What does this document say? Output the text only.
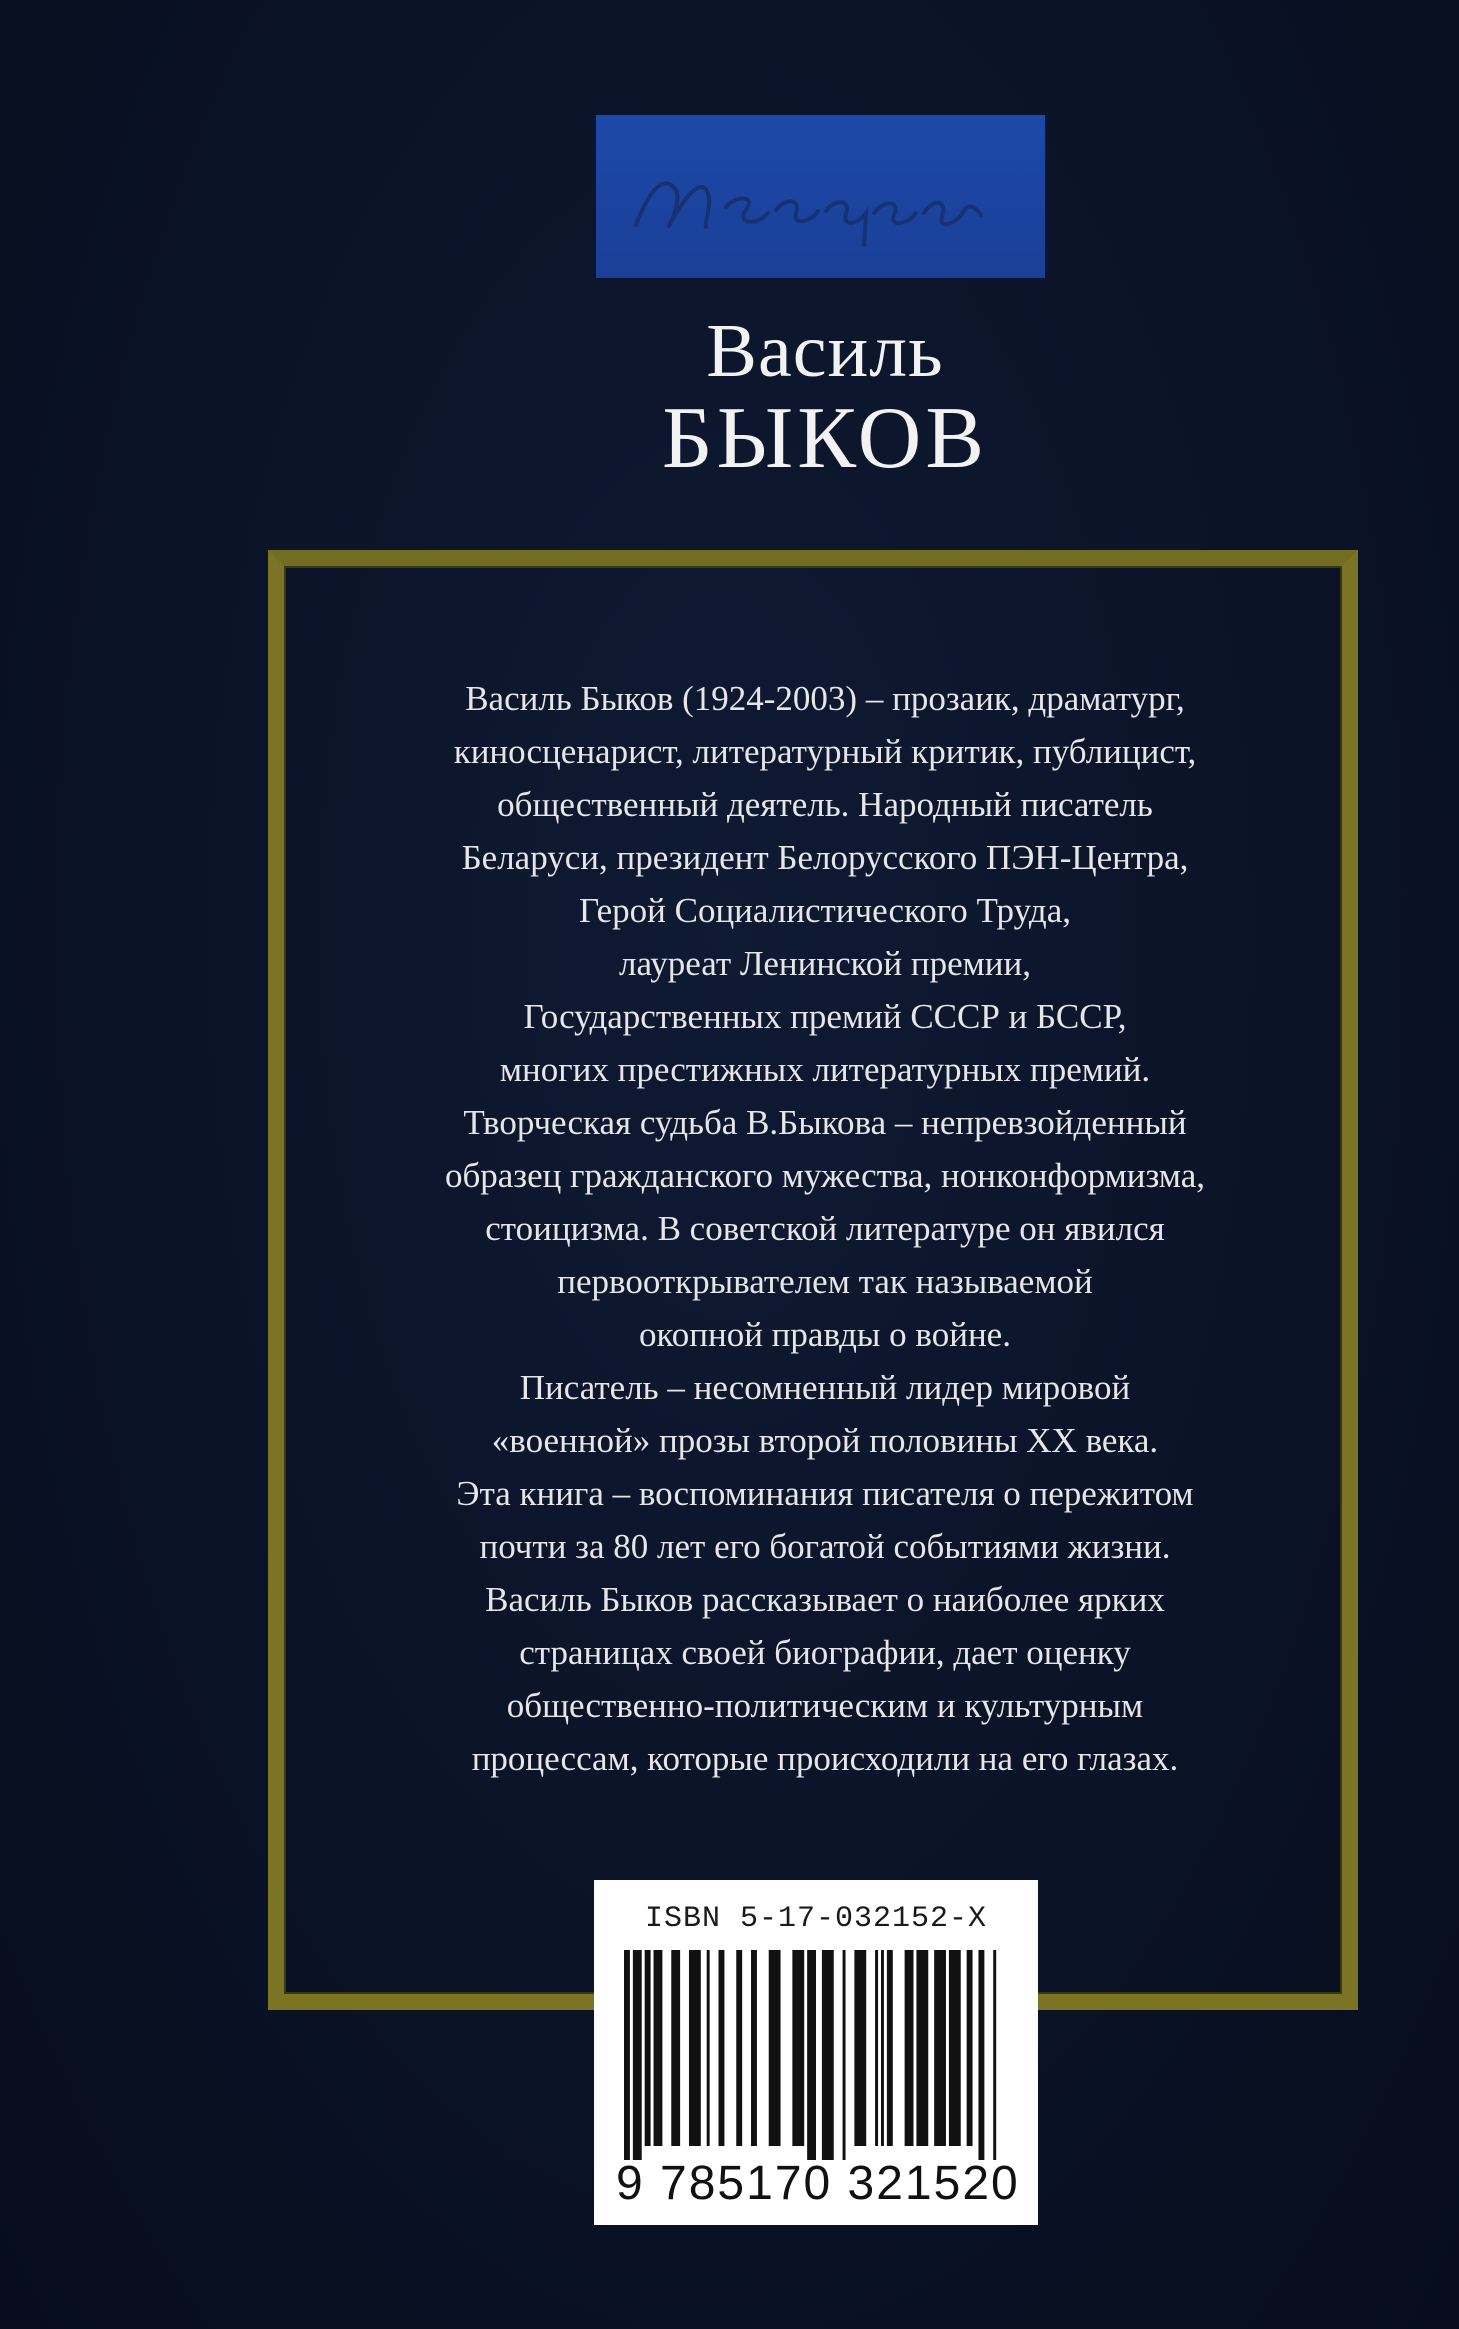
Василь
БЫКОВ
Василь Быков (1924-2003) – прозаик, драматург,
киносценарист, литературный критик, публицист,
общественный деятель. Народный писатель
Беларуси, президент Белорусского ПЭН-Центра,
Герой Социалистического Труда,
лауреат Ленинской премии,
Государственных премий СССР и БССР,
многих престижных литературных премий.
Творческая судьба В.Быкова – непревзойденный
образец гражданского мужества, нонконформизма,
стоицизма. В советской литературе он явился
первооткрывателем так называемой
окопной правды о войне.
Писатель – несомненный лидер мировой
«военной» прозы второй половины XX века.
Эта книга – воспоминания писателя о пережитом
почти за 80 лет его богатой событиями жизни.
Василь Быков рассказывает о наиболее ярких
страницах своей биографии, дает оценку
общественно-политическим и культурным
процессам, которые происходили на его глазах.
ISBN 5-17-032152-X
9 785170 321520
